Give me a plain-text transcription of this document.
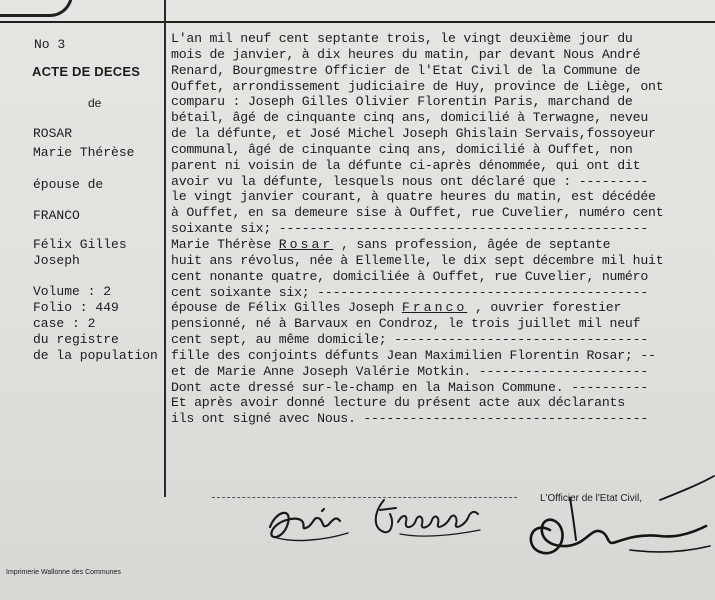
No 3
ACTE DE DECES
de
ROSAR
Marie Thérèse
épouse de
FRANCO
Félix Gilles
Joseph
Volume : 2
Folio : 449
case : 2
du registre
de la population
L'an mil neuf cent septante trois, le vingt deuxième jour du
mois de janvier, à dix heures du matin, par devant Nous André
Renard, Bourgmestre Officier de l'Etat Civil de la Commune de
Ouffet, arrondissement judiciaire de Huy, province de Liège, ont
comparu : Joseph Gilles Olivier Florentin Paris, marchand de
bétail, âgé de cinquante cinq ans, domicilié à Terwagne, neveu
de la défunte, et José Michel Joseph Ghislain Servais,fossoyeur
communal, âgé de cinquante cinq ans, domicilié à Ouffet, non
parent ni voisin de la défunte ci-après dénommée, qui ont dit
avoir vu la défunte, lesquels nous ont déclaré que : ---------
le vingt janvier courant, à quatre heures du matin, est décédée
à Ouffet, en sa demeure sise à Ouffet, rue Cuvelier, numéro cent
soixante six; ------------------------------------------------
Marie Thérèse Rosar , sans profession, âgée de septante
huit ans révolus, née à Ellemelle, le dix sept décembre mil huit
cent nonante quatre, domiciliée à Ouffet, rue Cuvelier, numéro
cent soixante six; -------------------------------------------
épouse de Félix Gilles Joseph Franco , ouvrier forestier
pensionné, né à Barvaux en Condroz, le trois juillet mil neuf
cent sept, au même domicile; ---------------------------------
fille des conjoints défunts Jean Maximilien Florentin Rosar; --
et de Marie Anne Joseph Valérie Motkin. ----------------------
Dont acte dressé sur-le-champ en la Maison Commune. ----------
Et après avoir donné lecture du présent acte aux déclarants
ils ont signé avec Nous. -------------------------------------
L'Officier de l'Etat Civil,
Imprimerie Wallonne des Communes
